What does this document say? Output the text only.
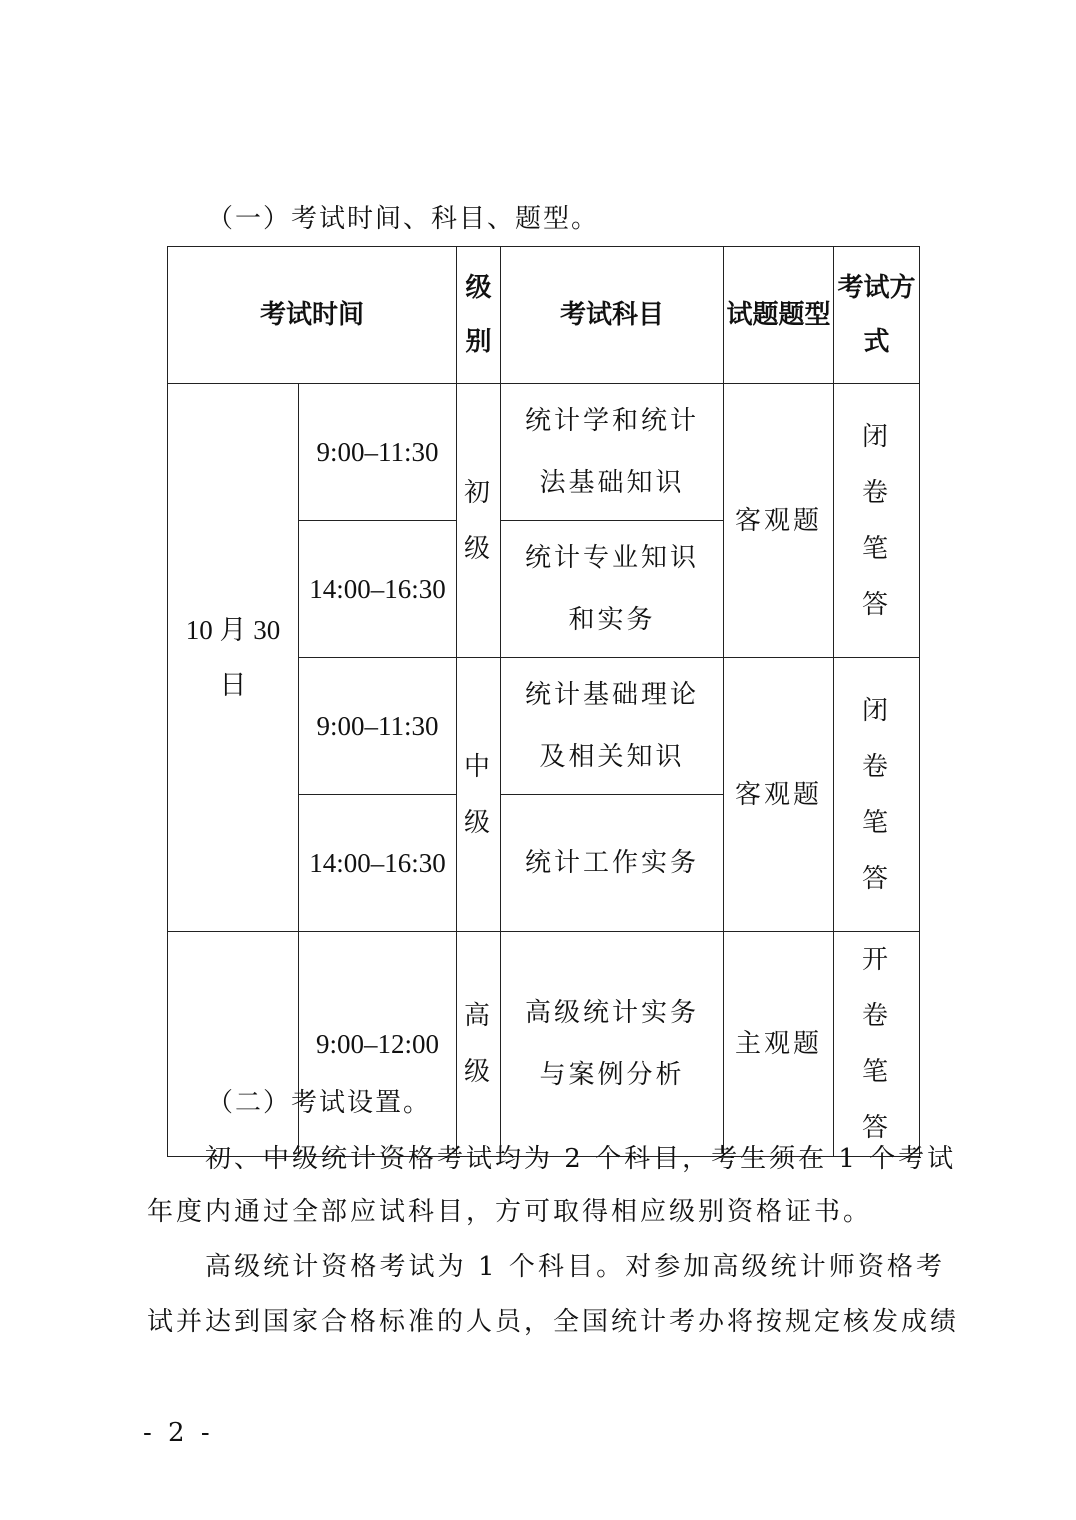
（一）考试时间、科目、题型。

考试时间		级别	考试科目	试题题型	考试方式
10 月 30 日	9:00–11:30	初级	统计学和统计法基础知识	客观题	闭卷笔答
	14:00–16:30		统计专业知识和实务		
	9:00–11:30	中级	统计基础理论及相关知识	客观题	闭卷笔答
	14:00–16:30		统计工作实务		
	9:00–12:00	高级	高级统计实务与案例分析	主观题	开卷笔答

（二）考试设置。

初、中级统计资格考试均为 2 个科目，考生须在 1 个考试

年度内通过全部应试科目，方可取得相应级别资格证书。

高级统计资格考试为 1 个科目。对参加高级统计师资格考

试并达到国家合格标准的人员，全国统计考办将按规定核发成绩

- 2 -
